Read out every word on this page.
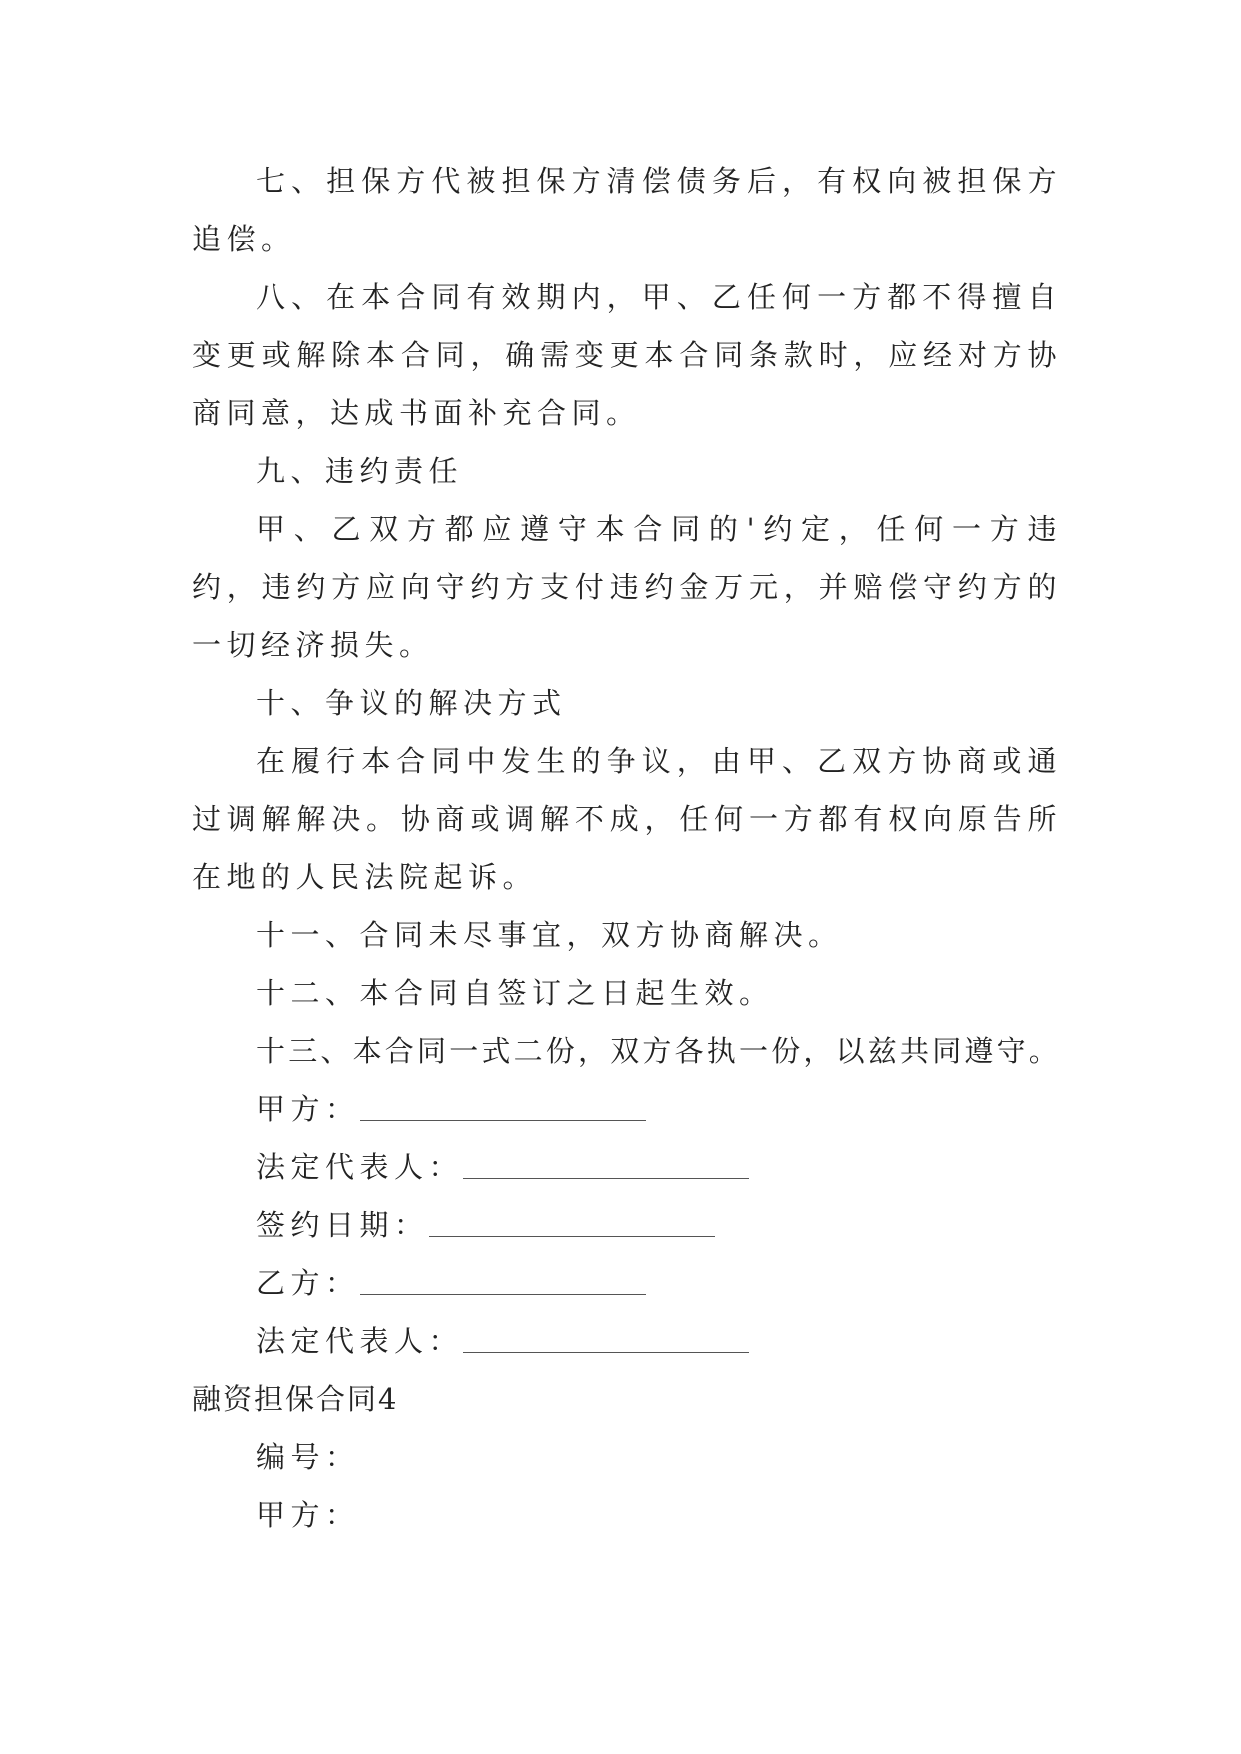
七、担保方代被担保方清偿债务后，有权向被担保方追偿。

八、在本合同有效期内，甲、乙任何一方都不得擅自变更或解除本合同，确需变更本合同条款时，应经对方协商同意，达成书面补充合同。

九、违约责任

甲、乙双方都应遵守本合同的'约定，任何一方违约，违约方应向守约方支付违约金万元，并赔偿守约方的一切经济损失。

十、争议的解决方式

在履行本合同中发生的争议，由甲、乙双方协商或通过调解解决。协商或调解不成，任何一方都有权向原告所在地的人民法院起诉。

十一、合同未尽事宜，双方协商解决。

十二、本合同自签订之日起生效。

十三、本合同一式二份，双方各执一份，以兹共同遵守。

甲方：

法定代表人：

签约日期：

乙方：

法定代表人：

融资担保合同4

编号：

甲方：
